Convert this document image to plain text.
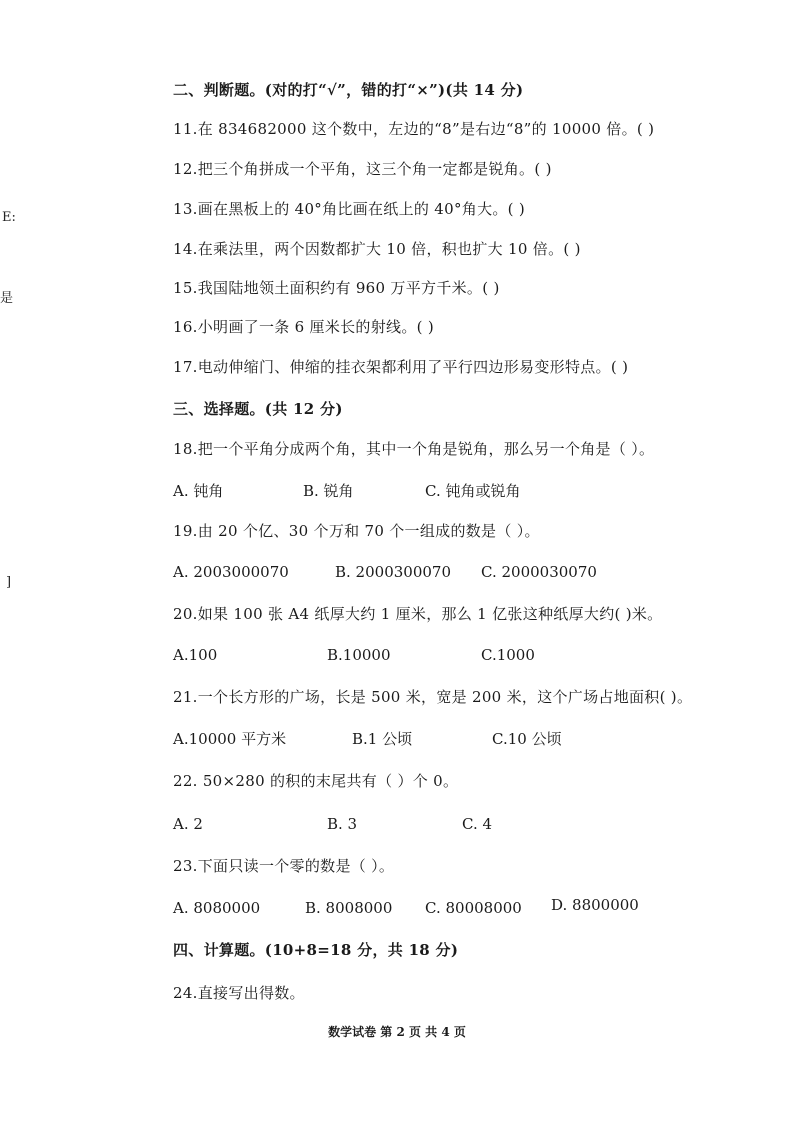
E:
是
]
二、判断题。(对的打“√”，错的打“×”)(共 14 分)
11.在 834682000 这个数中，左边的“8”是右边“8”的 10000 倍。( )
12.把三个角拼成一个平角，这三个角一定都是锐角。( )
13.画在黑板上的 40°角比画在纸上的 40°角大。( )
14.在乘法里，两个因数都扩大 10 倍，积也扩大 10 倍。( )
15.我国陆地领土面积约有 960 万平方千米。( )
16.小明画了一条 6 厘米长的射线。( )
17.电动伸缩门、伸缩的挂衣架都利用了平行四边形易变形特点。( )
三、选择题。(共 12 分)
18.把一个平角分成两个角，其中一个角是锐角，那么另一个角是（ ）。
A. 钝角	B. 锐角	C. 钝角或锐角
19.由 20 个亿、30 个万和 70 个一组成的数是（ ）。
A. 2003000070	B. 2000300070 C. 2000030070
20.如果 100 张 A4 纸厚大约 1 厘米，那么 1 亿张这种纸厚大约( )米。
A.100	B.10000	C.1000
21.一个长方形的广场，长是 500 米，宽是 200 米，这个广场占地面积( )。
A.10000 平方米	B.1 公顷	C.10 公顷
22. 50×280 的积的末尾共有（ ）个 0。
A. 2	B. 3	C. 4
23.下面只读一个零的数是（ ）。
A. 8080000	B. 8008000 C. 80008000 D. 8800000
四、计算题。(10+8=18 分，共 18 分)
24.直接写出得数。
数学试卷 第 2 页 共 4 页
